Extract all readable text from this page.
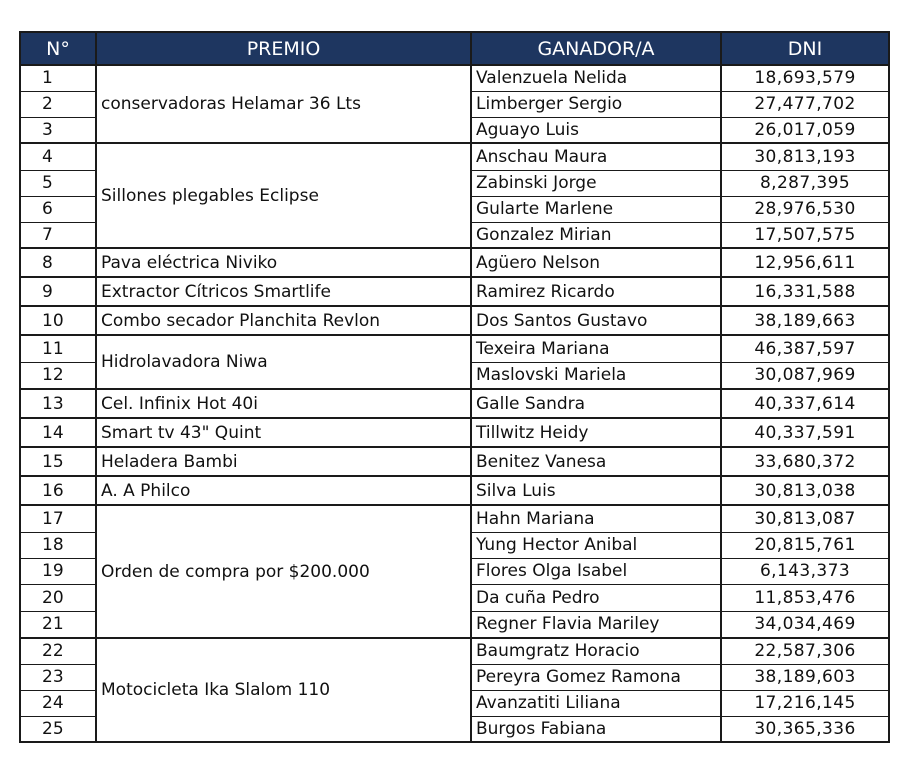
N°	PREMIO	GANADOR/A	DNI
1	conservadoras Helamar 36 Lts	Valenzuela Nelida	18,693,579
2		Limberger Sergio	27,477,702
3		Aguayo Luis	26,017,059
4	Sillones plegables Eclipse	Anschau Maura	30,813,193
5		Zabinski Jorge	8,287,395
6		Gularte Marlene	28,976,530
7		Gonzalez Mirian	17,507,575
8	Pava eléctrica Niviko	Agüero Nelson	12,956,611
9	Extractor Cítricos Smartlife	Ramirez Ricardo	16,331,588
10	Combo secador Planchita Revlon	Dos Santos Gustavo	38,189,663
11	Hidrolavadora Niwa	Texeira Mariana	46,387,597
12		Maslovski Mariela	30,087,969
13	Cel. Infinix Hot 40i	Galle Sandra	40,337,614
14	Smart tv 43" Quint	Tillwitz Heidy	40,337,591
15	Heladera Bambi	Benitez Vanesa	33,680,372
16	A. A Philco	Silva Luis	30,813,038
17	Orden de compra por $200.000	Hahn Mariana	30,813,087
18		Yung Hector Anibal	20,815,761
19		Flores Olga Isabel	6,143,373
20		Da cuña Pedro	11,853,476
21		Regner Flavia Mariley	34,034,469
22	Motocicleta Ika Slalom 110	Baumgratz Horacio	22,587,306
23		Pereyra Gomez Ramona	38,189,603
24		Avanzatiti Liliana	17,216,145
25		Burgos Fabiana	30,365,336
